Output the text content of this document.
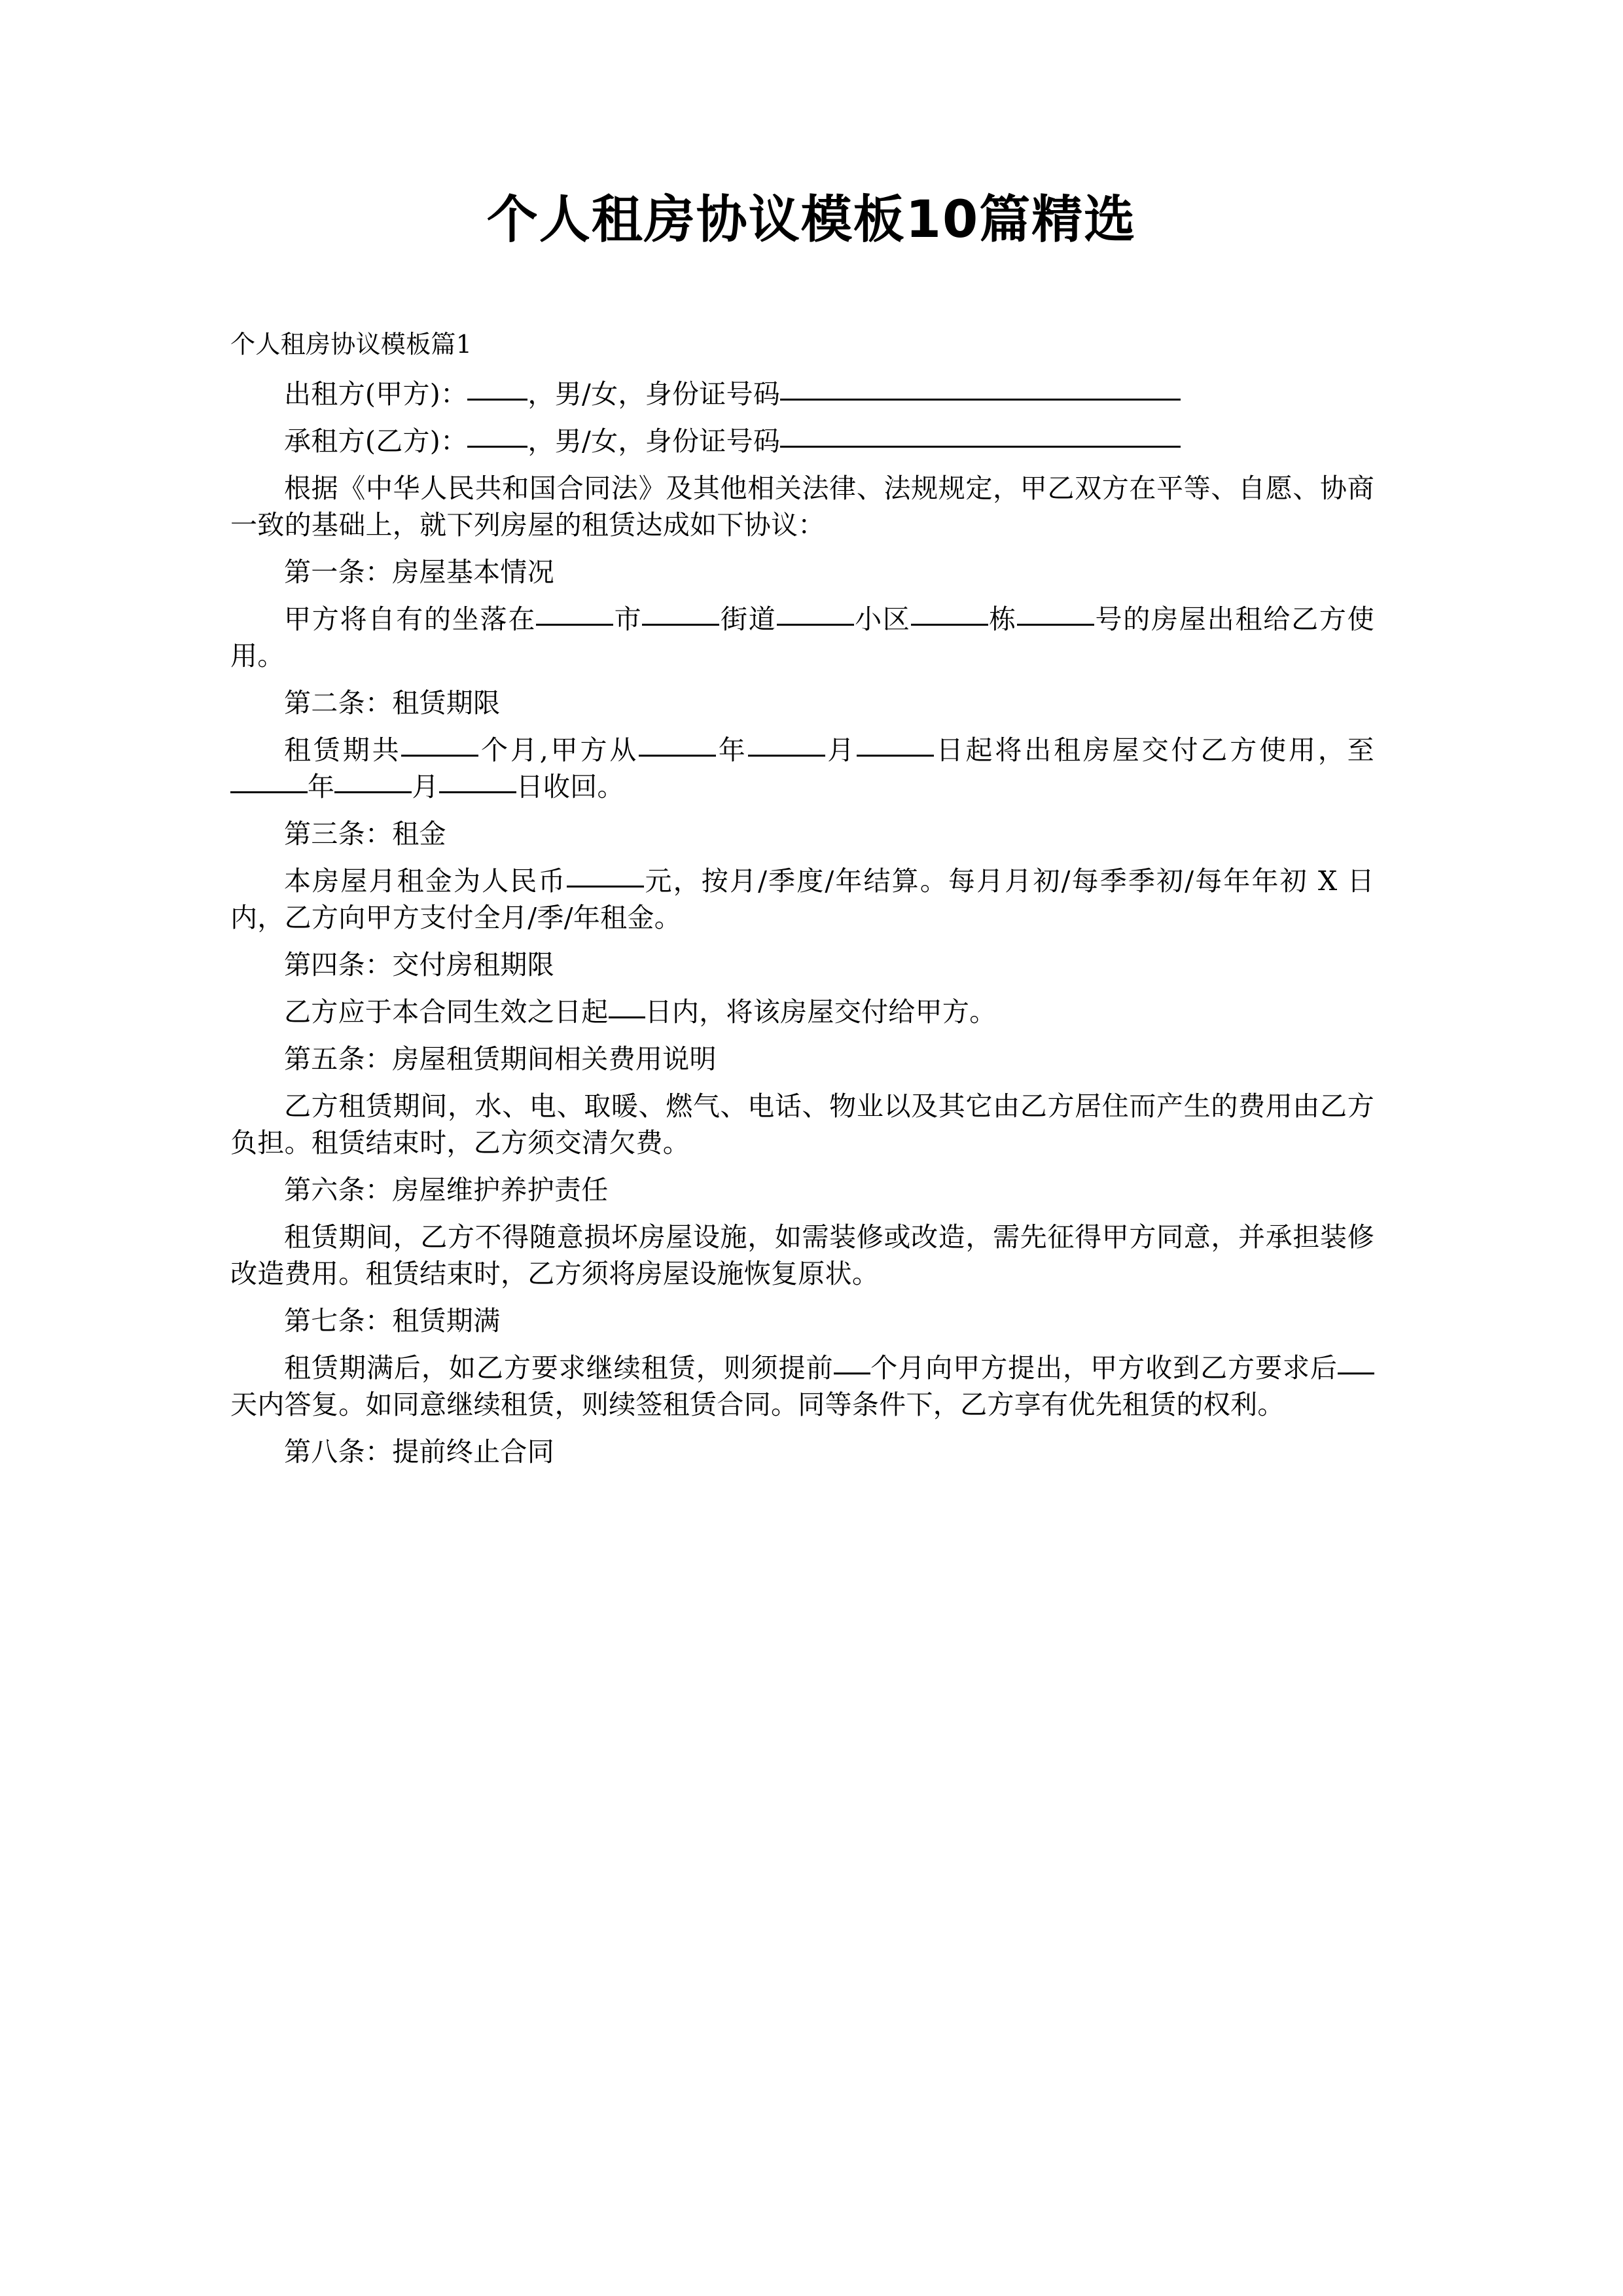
个人租房协议模板10篇精选

个人租房协议模板篇1

出租方(甲方)： ，男/女，身份证号码

承租方(乙方)： ，男/女，身份证号码

根据《中华人民共和国合同法》及其他相关法律、法规规定，甲乙双方在平等、自愿、协商一致的基础上，就下列房屋的租赁达成如下协议：

第一条：房屋基本情况

甲方将自有的坐落在	市	街道	小区	栋	号的房屋出租给乙方使用。

第二条：租赁期限

租赁期共	个月,甲方从	年	月	日起将出租房屋交付乙方使用，至年	月	日收回。

第三条：租金

本房屋月租金为人民币	元，按月/季度/年结算。每月月初/每季季初/每年年初 X 日内，乙方向甲方支付全月/季/年租金。

第四条：交付房租期限

乙方应于本合同生效之日起 日内，将该房屋交付给甲方。

第五条：房屋租赁期间相关费用说明

乙方租赁期间，水、电、取暖、燃气、电话、物业以及其它由乙方居住而产生的费用由乙方负担。租赁结束时，乙方须交清欠费。

第六条：房屋维护养护责任

租赁期间，乙方不得随意损坏房屋设施，如需装修或改造，需先征得甲方同意，并承担装修改造费用。租赁结束时，乙方须将房屋设施恢复原状。

第七条：租赁期满

租赁期满后，如乙方要求继续租赁，则须提前 个月向甲方提出，甲方收到乙方要求后天内答复。如同意继续租赁，则续签租赁合同。同等条件下，乙方享有优先租赁的权利。

第八条：提前终止合同
